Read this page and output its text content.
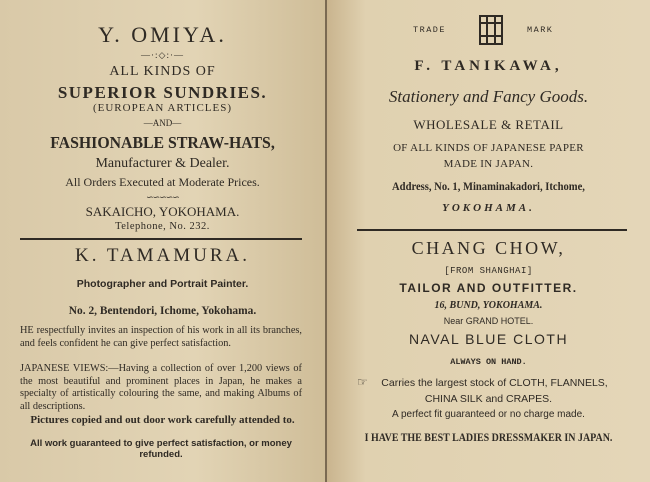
Y. OMIYA.
—·:◇:·—
ALL KINDS OF
SUPERIOR SUNDRIES.
(EUROPEAN ARTICLES)
—AND—
FASHIONABLE STRAW-HATS,
Manufacturer & Dealer.
All Orders Executed at Moderate Prices.
∽∽∽∽∽
SAKAICHO, YOKOHAMA.
Telephone, No. 232.
K. TAMAMURA.
Photographer and Portrait Painter.
No. 2, Bentendori, Ichome, Yokohama.
HE respectfully invites an inspection of his work in all its branches, and feels confident he can give perfect satisfaction.
JAPANESE VIEWS:—Having a collection of over 1,200 views of the most beautiful and prominent places in Japan, he makes a specialty of artistically colouring the same, and making Albums of all descriptions.
Pictures copied and out door work carefully attended to.
All work guaranteed to give perfect satisfaction, or money refunded.
TRADE	MARK
F. TANIKAWA,
Stationery and Fancy Goods.
WHOLESALE & RETAIL
OF ALL KINDS OF JAPANESE PAPER
MADE IN JAPAN.
Address, No. 1, Minaminakadori, Itchome,
YOKOHAMA.
CHANG CHOW,
[FROM SHANGHAI]
TAILOR AND OUTFITTER.
16, BUND, YOKOHAMA.
Near GRAND HOTEL.
NAVAL BLUE CLOTH
ALWAYS ON HAND.
☞	Carries the largest stock of CLOTH, FLANNELS,
CHINA SILK and CRAPES.
A perfect fit guaranteed or no charge made.
I HAVE THE BEST LADIES DRESSMAKER IN JAPAN.
